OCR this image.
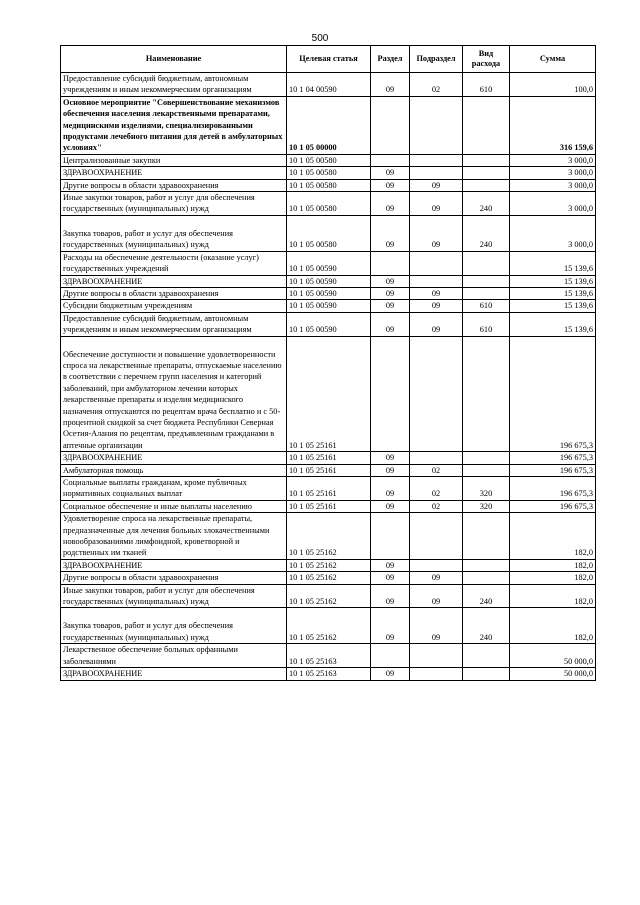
500
Наименование	Целевая статья	Раздел	Подраздел	Вид расхода	Сумма
Предоставление субсидий бюджетным, автономным учреждениям и иным некоммерческим организациям	10 1 04 00590	09	02	610	100,0
Основное мероприятие "Совершенствование механизмов обеспечения населения лекарственными препаратами, медицинскими изделиями, специализированными продуктами лечебного питания для детей в амбулаторных условиях"	10 1 05 00000				316 159,6
Централизованные закупки	10 1 05 00580				3 000,0
ЗДРАВООХРАНЕНИЕ	10 1 05 00580	09			3 000,0
Другие вопросы в области здравоохранения	10 1 05 00580	09	09		3 000,0
Иные закупки товаров, работ и услуг для обеспечения государственных (муниципальных) нужд	10 1 05 00580	09	09	240	3 000,0
Закупка товаров, работ и услуг для обеспечения государственных (муниципальных) нужд	10 1 05 00580	09	09	240	3 000,0
Расходы на обеспечение деятельности (оказание услуг) государственных учреждений	10 1 05 00590				15 139,6
ЗДРАВООХРАНЕНИЕ	10 1 05 00590	09			15 139,6
Другие вопросы в области здравоохранения	10 1 05 00590	09	09		15 139,6
Субсидии бюджетным учреждениям	10 1 05 00590	09	09	610	15 139,6
Предоставление субсидий бюджетным, автономным учреждениям и иным некоммерческим организациям	10 1 05 00590	09	09	610	15 139,6
Обеспечение доступности и повышение удовлетворенности спроса на лекарственные препараты, отпускаемые населению в соответствии с перечнем групп населения и категорий заболеваний, при амбулаторном лечении которых лекарственные препараты и изделия медицинского назначения отпускаются по рецептам врача бесплатно и с 50-процентной скидкой за счет бюджета Республики Северная Осетия-Алания по рецептам, предъявленным гражданами в аптечные организации	10 1 05 25161				196 675,3
ЗДРАВООХРАНЕНИЕ	10 1 05 25161	09			196 675,3
Амбулаторная помощь	10 1 05 25161	09	02		196 675,3
Социальные выплаты гражданам, кроме публичных нормативных социальных выплат	10 1 05 25161	09	02	320	196 675,3
Социальное обеспечение и иные выплаты населению	10 1 05 25161	09	02	320	196 675,3
Удовлетворение спроса на лекарственные препараты, предназначенные для лечения больных злокачественными новообразованиями лимфоидной, кроветворной и родственных им тканей	10 1 05 25162				182,0
ЗДРАВООХРАНЕНИЕ	10 1 05 25162	09			182,0
Другие вопросы в области здравоохранения	10 1 05 25162	09	09		182,0
Иные закупки товаров, работ и услуг для обеспечения государственных (муниципальных) нужд	10 1 05 25162	09	09	240	182,0
Закупка товаров, работ и услуг для обеспечения государственных (муниципальных) нужд	10 1 05 25162	09	09	240	182,0
Лекарственное обеспечение больных орфанными заболеваниями	10 1 05 25163				50 000,0
ЗДРАВООХРАНЕНИЕ	10 1 05 25163	09			50 000,0
